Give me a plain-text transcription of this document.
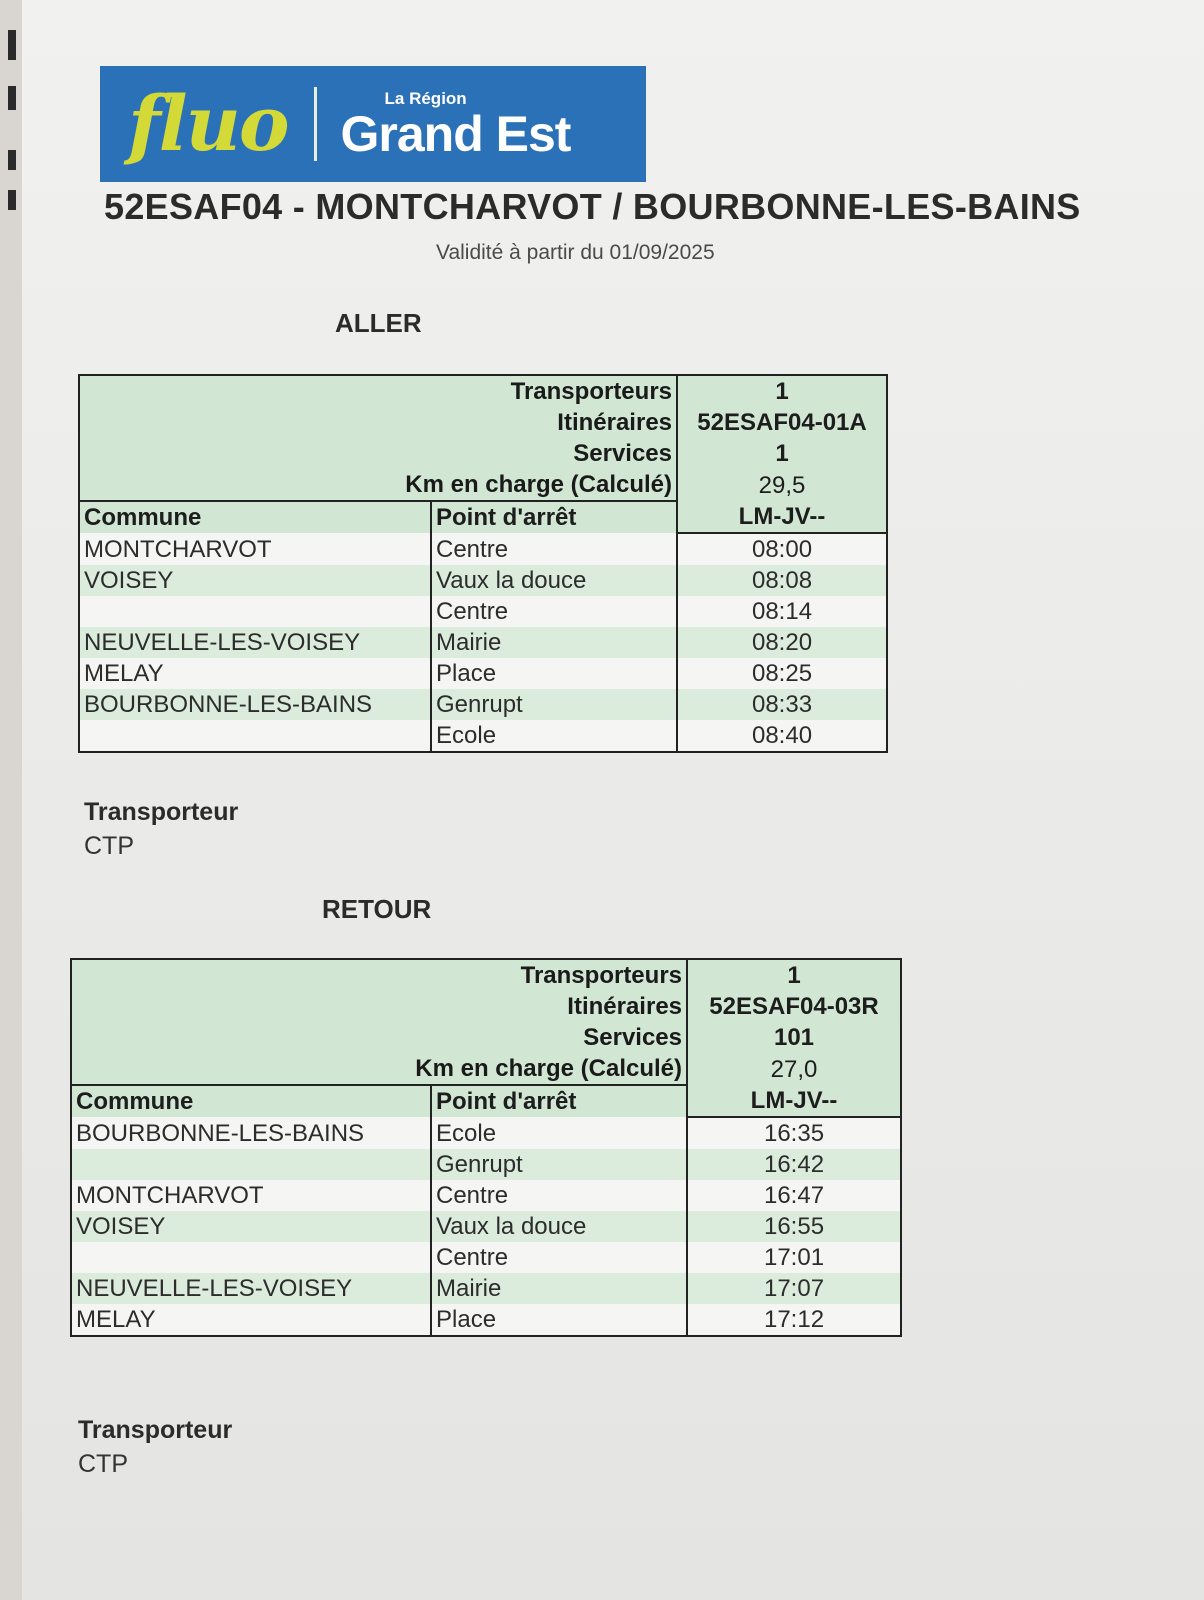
fluo	La Région
Grand Est
52ESAF04 - MONTCHARVOT / BOURBONNE-LES-BAINS
Validité à partir du 01/09/2025
ALLER
Transporteurs		1
Itinéraires		52ESAF04-01A
Services		1
Km en charge (Calculé)		29,5
Commune	Point d'arrêt	LM-JV--
MONTCHARVOT	Centre	08:00
VOISEY	Vaux la douce	08:08
	Centre	08:14
NEUVELLE-LES-VOISEY	Mairie	08:20
MELAY	Place	08:25
BOURBONNE-LES-BAINS	Genrupt	08:33
	Ecole	08:40
Transporteur
CTP
RETOUR
Transporteurs		1
Itinéraires		52ESAF04-03R
Services		101
Km en charge (Calculé)		27,0
Commune	Point d'arrêt	LM-JV--
BOURBONNE-LES-BAINS	Ecole	16:35
	Genrupt	16:42
MONTCHARVOT	Centre	16:47
VOISEY	Vaux la douce	16:55
	Centre	17:01
NEUVELLE-LES-VOISEY	Mairie	17:07
MELAY	Place	17:12
Transporteur
CTP
